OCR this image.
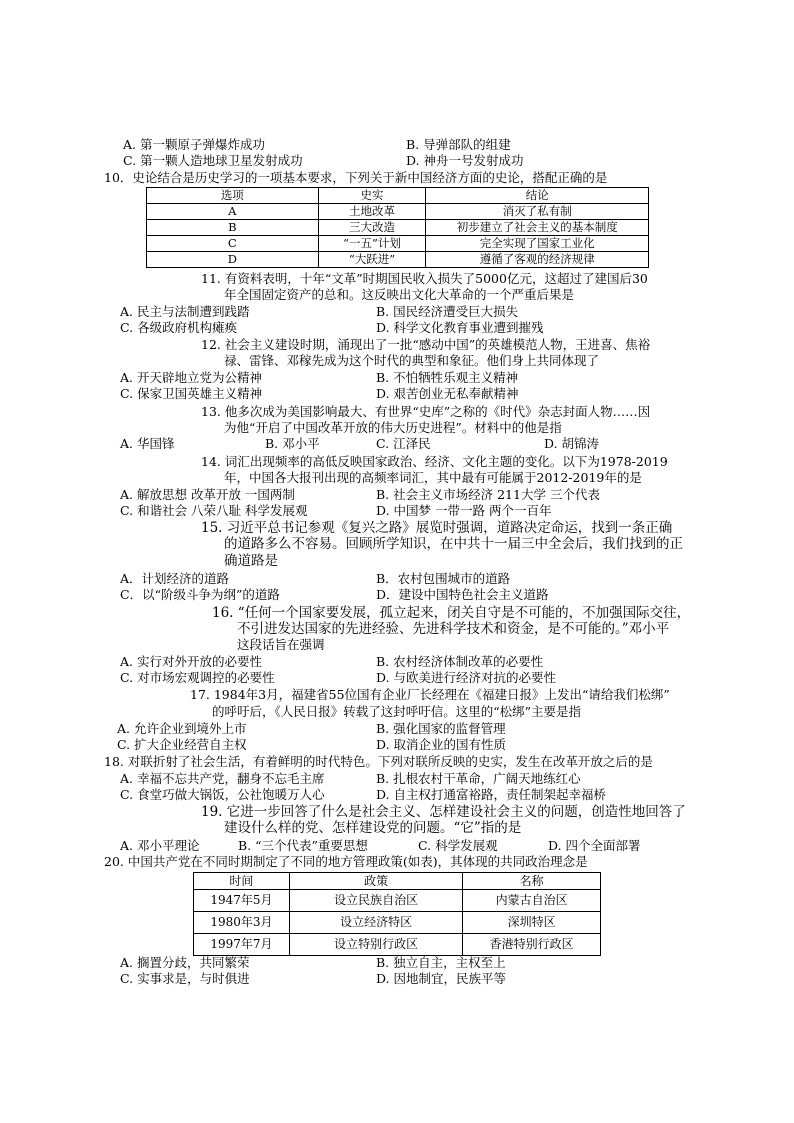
A. 第一颗原子弹爆炸成功	B. 导弹部队的组建
C. 第一颗人造地球卫星发射成功	D. 神舟一号发射成功
10．史论结合是历史学习的一项基本要求，下列关于新中国经济方面的史论，搭配正确的是
选项	史实	结论
A	土地改革	消灭了私有制
B	三大改造	初步建立了社会主义的基本制度
C	“一五”计划	完全实现了国家工业化
D	“大跃进”	遵循了客观的经济规律
11. 有资料表明，十年“文革”时期国民收入损失了5000亿元，这超过了建国后30
年全国固定资产的总和。这反映出文化大革命的一个严重后果是
A. 民主与法制遭到践踏	B. 国民经济遭受巨大损失
C. 各级政府机构瘫痪	D. 科学文化教育事业遭到摧残
12. 社会主义建设时期，涌现出了一批“感动中国”的英雄模范人物，王进喜、焦裕
禄、雷锋、邓稼先成为这个时代的典型和象征。他们身上共同体现了
A. 开天辟地立党为公精神	B. 不怕牺牲乐观主义精神
C. 保家卫国英雄主义精神	D. 艰苦创业无私奉献精神
13. 他多次成为美国影响最大、有世界“史库”之称的《时代》杂志封面人物……因
为他“开启了中国改革开放的伟大历史进程”。材料中的他是指
A. 华国锋	B. 邓小平	C. 江泽民	D. 胡锦涛
14. 词汇出现频率的高低反映国家政治、经济、文化主题的变化。以下为1978-2019
年，中国各大报刊出现的高频率词汇，其中最有可能属于2012-2019年的是
A. 解放思想 改革开放 一国两制	B. 社会主义市场经济 211大学 三个代表
C. 和谐社会 八荣八耻 科学发展观	D. 中国梦 一带一路 两个一百年
15. 习近平总书记参观《复兴之路》展览时强调，道路决定命运，找到一条正确
的道路多么不容易。回顾所学知识，在中共十一届三中全会后，我们找到的正
确道路是
A．计划经济的道路	B．农村包围城市的道路
C．以“阶级斗争为纲”的道路	D．建设中国特色社会主义道路
16. “任何一个国家要发展，孤立起来，闭关自守是不可能的，不加强国际交往，
不引进发达国家的先进经验、先进科学技术和资金，是不可能的。”邓小平
这段话旨在强调
A. 实行对外开放的必要性	B. 农村经济体制改革的必要性
C. 对市场宏观调控的必要性	D. 与欧美进行经济对抗的必要性
17. 1984年3月，福建省55位国有企业厂长经理在《福建日报》上发出“请给我们松绑”
的呼吁后，《人民日报》转载了这封呼吁信。这里的“松绑”主要是指
A. 允许企业到境外上市	B. 强化国家的监督管理
C. 扩大企业经营自主权	D. 取消企业的国有性质
18. 对联折射了社会生活，有着鲜明的时代特色。下列对联所反映的史实，发生在改革开放之后的是
A. 幸福不忘共产党，翻身不忘毛主席	B. 扎根农村干革命，广阔天地练红心
C. 食堂巧做大锅饭，公社饱暖万人心	D. 自主权打通富裕路，责任制架起幸福桥
19. 它进一步回答了什么是社会主义、怎样建设社会主义的问题，创造性地回答了
建设什么样的党、怎样建设党的问题。“它”指的是
A. 邓小平理论	B. “三个代表”重要思想	C. 科学发展观	D. 四个全面部署
20. 中国共产党在不同时期制定了不同的地方管理政策(如表)，其体现的共同政治理念是
时间	政策	名称
1947年5月	设立民族自治区	内蒙古自治区
1980年3月	设立经济特区	深圳特区
1997年7月	设立特别行政区	香港特别行政区
A. 搁置分歧，共同繁荣	B. 独立自主，主权至上
C. 实事求是，与时俱进	D. 因地制宜，民族平等
